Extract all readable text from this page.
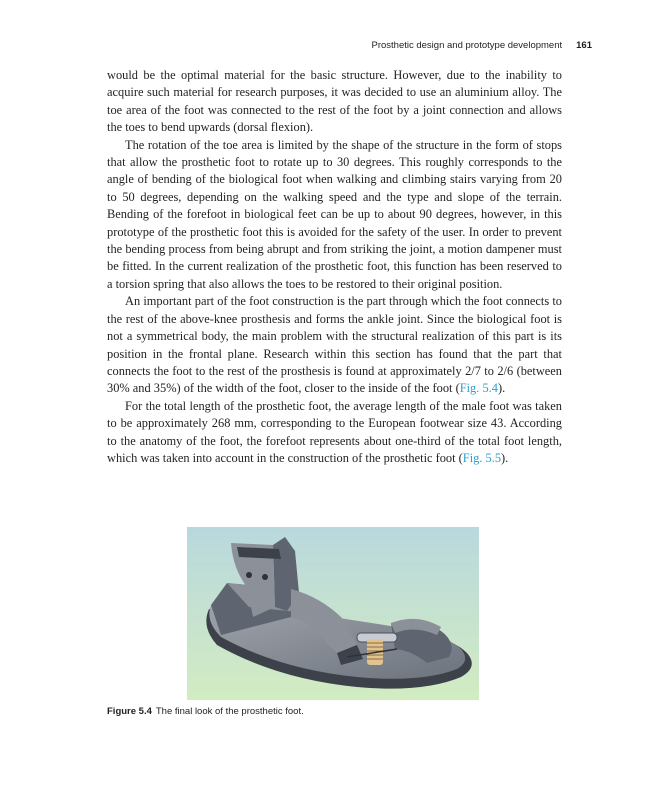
Prosthetic design and prototype development 161

would be the optimal material for the basic structure. However, due to the inability to acquire such material for research purposes, it was decided to use an aluminium alloy. The toe area of the foot was connected to the rest of the foot by a joint connection and allows the toes to bend upwards (dorsal flexion).

The rotation of the toe area is limited by the shape of the structure in the form of stops that allow the prosthetic foot to rotate up to 30 degrees. This roughly corresponds to the angle of bending of the biological foot when walking and climbing stairs varying from 20 to 50 degrees, depending on the walking speed and the type and slope of the terrain. Bending of the forefoot in biological feet can be up to about 90 degrees, however, in this prototype of the prosthetic foot this is avoided for the safety of the user. In order to prevent the bending process from being abrupt and from striking the joint, a motion dampener must be fitted. In the current realization of the prosthetic foot, this function has been reserved to a torsion spring that also allows the toes to be restored to their original position.

An important part of the foot construction is the part through which the foot connects to the rest of the above-knee prosthesis and forms the ankle joint. Since the biological foot is not a symmetrical body, the main problem with the structural realization of this part is its position in the frontal plane. Research within this section has found that the part that connects the foot to the rest of the prosthesis is found at approximately 2/7 to 2/6 (between 30% and 35%) of the width of the foot, closer to the inside of the foot (Fig. 5.4).

For the total length of the prosthetic foot, the average length of the male foot was taken to be approximately 268 mm, corresponding to the European footwear size 43. According to the anatomy of the foot, the forefoot represents about one-third of the total foot length, which was taken into account in the construction of the prosthetic foot (Fig. 5.5).

Figure 5.4 The final look of the prosthetic foot.
